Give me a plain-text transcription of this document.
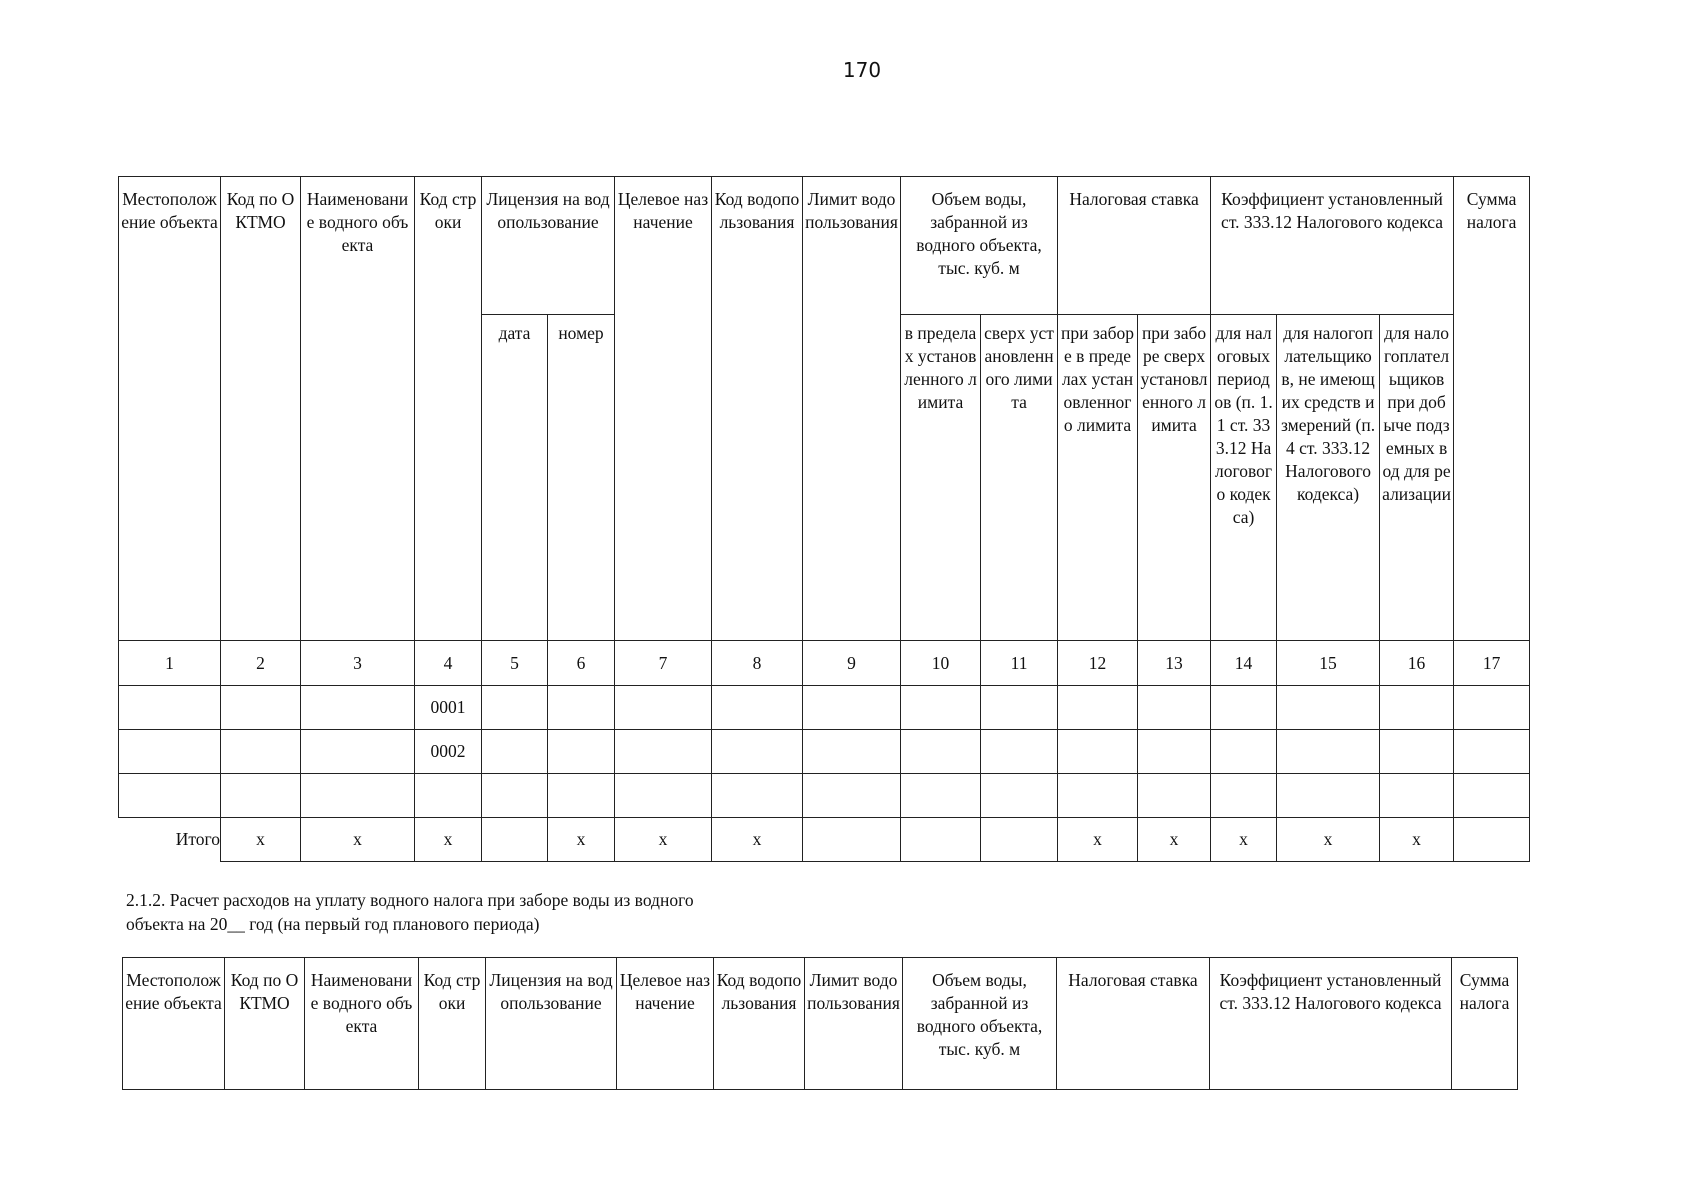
170
Местоположение объекта	Код по ОКТМО	Наименование водного объекта	Код строки	Лицензия на водопользование		Целевое назначение	Код водопользования	Лимит водопользования	Объем воды, забранной из водного объекта, тыс. куб. м		Налоговая ставка		Коэффициент установленный ст. 333.12 Налогового кодекса			Сумма налога
				дата	номер				в пределах установленного лимита	сверх установленного лимита	при заборе в пределах установленного лимита	при заборе сверх установленного лимита	для налоговых периодов (п. 1.1 ст. 333.12 Налогового кодекса)	для налогоплательщиков, не имеющих средств измерений (п. 4 ст. 333.12 Налогового кодекса)	для налогоплательщиков при добыче подземных вод для реализации	
1	2	3	4	5	6	7	8	9	10	11	12	13	14	15	16	17
			0001													
			0002													

Итого	x	x	x		x	x	x				x	x	x	x	x	
2.1.2. Расчет расходов на уплату водного налога при заборе воды из водного
объекта на 20__ год (на первый год планового периода)
Местоположение объекта	Код по ОКТМО	Наименование водного объекта	Код строки	Лицензия на водопользование	Целевое назначение	Код водопользования	Лимит водопользования	Объем воды, забранной из водного объекта, тыс. куб. м	Налоговая ставка	Коэффициент установленный ст. 333.12 Налогового кодекса	Сумма налога
